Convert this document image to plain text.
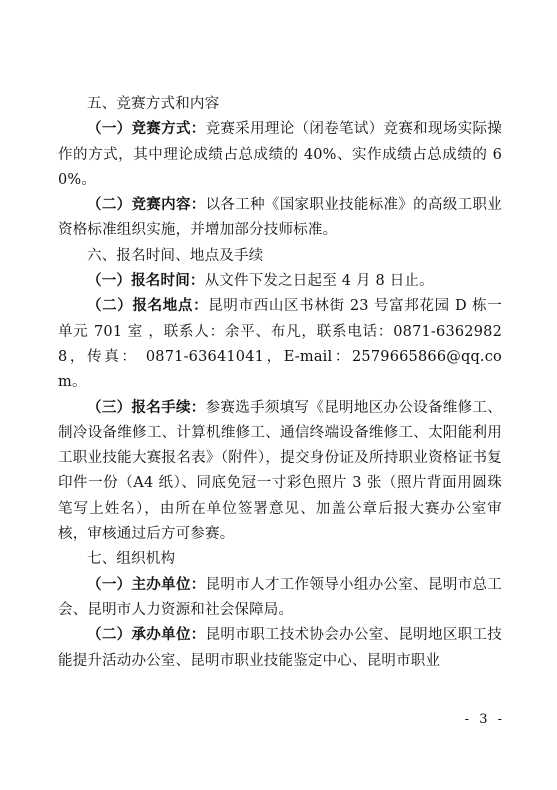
五、竞赛方式和内容

（一）竞赛方式：竞赛采用理论（闭卷笔试）竞赛和现场实际操作的方式，其中理论成绩占总成绩的 40%、实作成绩占总成绩的 60%。

（二）竞赛内容：以各工种《国家职业技能标准》的高级工职业资格标准组织实施，并增加部分技师标准。

六、报名时间、地点及手续

（一）报名时间：从文件下发之日起至 4 月 8 日止。

（二）报名地点：昆明市西山区书林街 23 号富邦花园 D 栋一单元 701 室 ，联系人：余平、布凡，联系电话：0871-63629828，传真： 0871-63641041，E-mail：2579665866@qq.com。

（三）报名手续：参赛选手须填写《昆明地区办公设备维修工、制冷设备维修工、计算机维修工、通信终端设备维修工、太阳能利用工职业技能大赛报名表》（附件），提交身份证及所持职业资格证书复印件一份（A4 纸）、同底免冠一寸彩色照片 3 张（照片背面用圆珠笔写上姓名），由所在单位签署意见、加盖公章后报大赛办公室审核，审核通过后方可参赛。

七、组织机构

（一）主办单位：昆明市人才工作领导小组办公室、昆明市总工会、昆明市人力资源和社会保障局。

（二）承办单位：昆明市职工技术协会办公室、昆明地区职工技能提升活动办公室、昆明市职业技能鉴定中心、昆明市职业

- 3 -
